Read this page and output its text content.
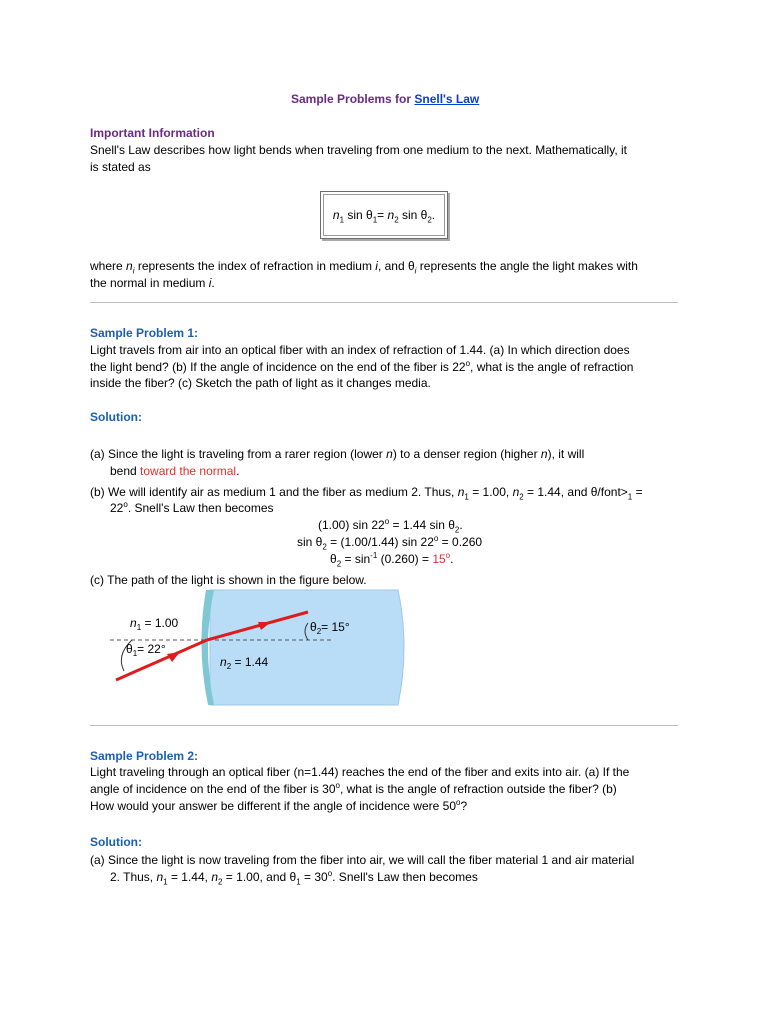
Sample Problems for Snell's Law
Important Information
Snell's Law describes how light bends when traveling from one medium to the next. Mathematically, it
is stated as
$n_1$ $\sin \theta_1= n_2$ $\sin \theta_2$.
where $n_i$ represents the index of refraction in medium i, and $\theta_i$ represents the angle the light makes with
the normal in medium i.
Sample Problem 1:
Light travels from air into an optical fiber with an index of refraction of 1.44. (a) In which direction does
the light bend? (b) If the angle of incidence on the end of the fiber is 22$^o$, what is the angle of refraction
inside the fiber? (c) Sketch the path of light as it changes media.
Solution:
(a) Since the light is traveling from a rarer region (lower n) to a denser region (higher n), it will
bend toward the normal.
(b) We will identify air as medium 1 and the fiber as medium 2. Thus, $n_1 = 1.00$, $n_2 = 1.44$, and $\theta/font>_1$ =
$22^o$. Snell's Law then becomes
(1.00) $\sin 22^o = 1.44$ $\sin \theta_2$.
$\sin \theta_2 = (1.00/1.44)$ $\sin 22^o = 0.260$
$\theta_2 = \sin^{-1} (0.260) = 15^o$.
(c) The path of the light is shown in the figure below.
$n_1 = 1.00$
$\theta_1= 22^\circ$
$\theta_2= 15^\circ$
$n_2 = 1.44$
Sample Problem 2:
Light traveling through an optical fiber (n=1.44) reaches the end of the fiber and exits into air. (a) If the
angle of incidence on the end of the fiber is 30$^o$, what is the angle of refraction outside the fiber? (b)
How would your answer be different if the angle of incidence were 50$^o$?
Solution:
(a) Since the light is now traveling from the fiber into air, we will call the fiber material 1 and air material
2. Thus, $n_1 = 1.44$, $n_2 = 1.00$, and $\theta_1 = 30^o$. Snell's Law then becomes
